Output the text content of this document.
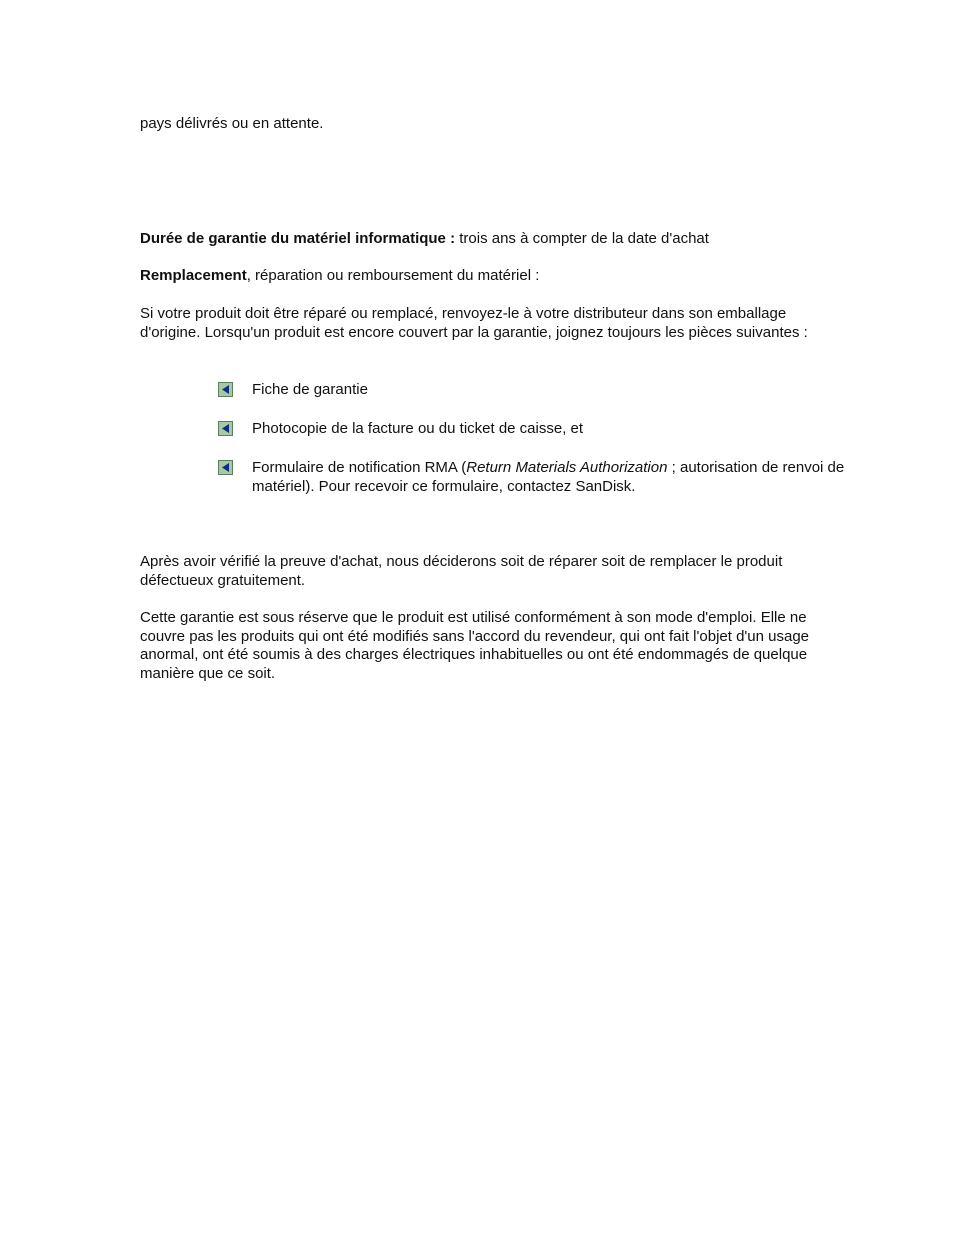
pays délivrés ou en attente.

Durée de garantie du matériel informatique : trois ans à compter de la date d'achat

Remplacement, réparation ou remboursement du matériel :

Si votre produit doit être réparé ou remplacé, renvoyez-le à votre distributeur dans son emballage d'origine. Lorsqu'un produit est encore couvert par la garantie, joignez toujours les pièces suivantes :

Fiche de garantie

Photocopie de la facture ou du ticket de caisse, et

Formulaire de notification RMA (Return Materials Authorization ; autorisation de renvoi de matériel). Pour recevoir ce formulaire, contactez SanDisk.

Après avoir vérifié la preuve d'achat, nous déciderons soit de réparer soit de remplacer le produit défectueux gratuitement.

Cette garantie est sous réserve que le produit est utilisé conformément à son mode d'emploi. Elle ne couvre pas les produits qui ont été modifiés sans l'accord du revendeur, qui ont fait l'objet d'un usage anormal, ont été soumis à des charges électriques inhabituelles ou ont été endommagés de quelque manière que ce soit.
